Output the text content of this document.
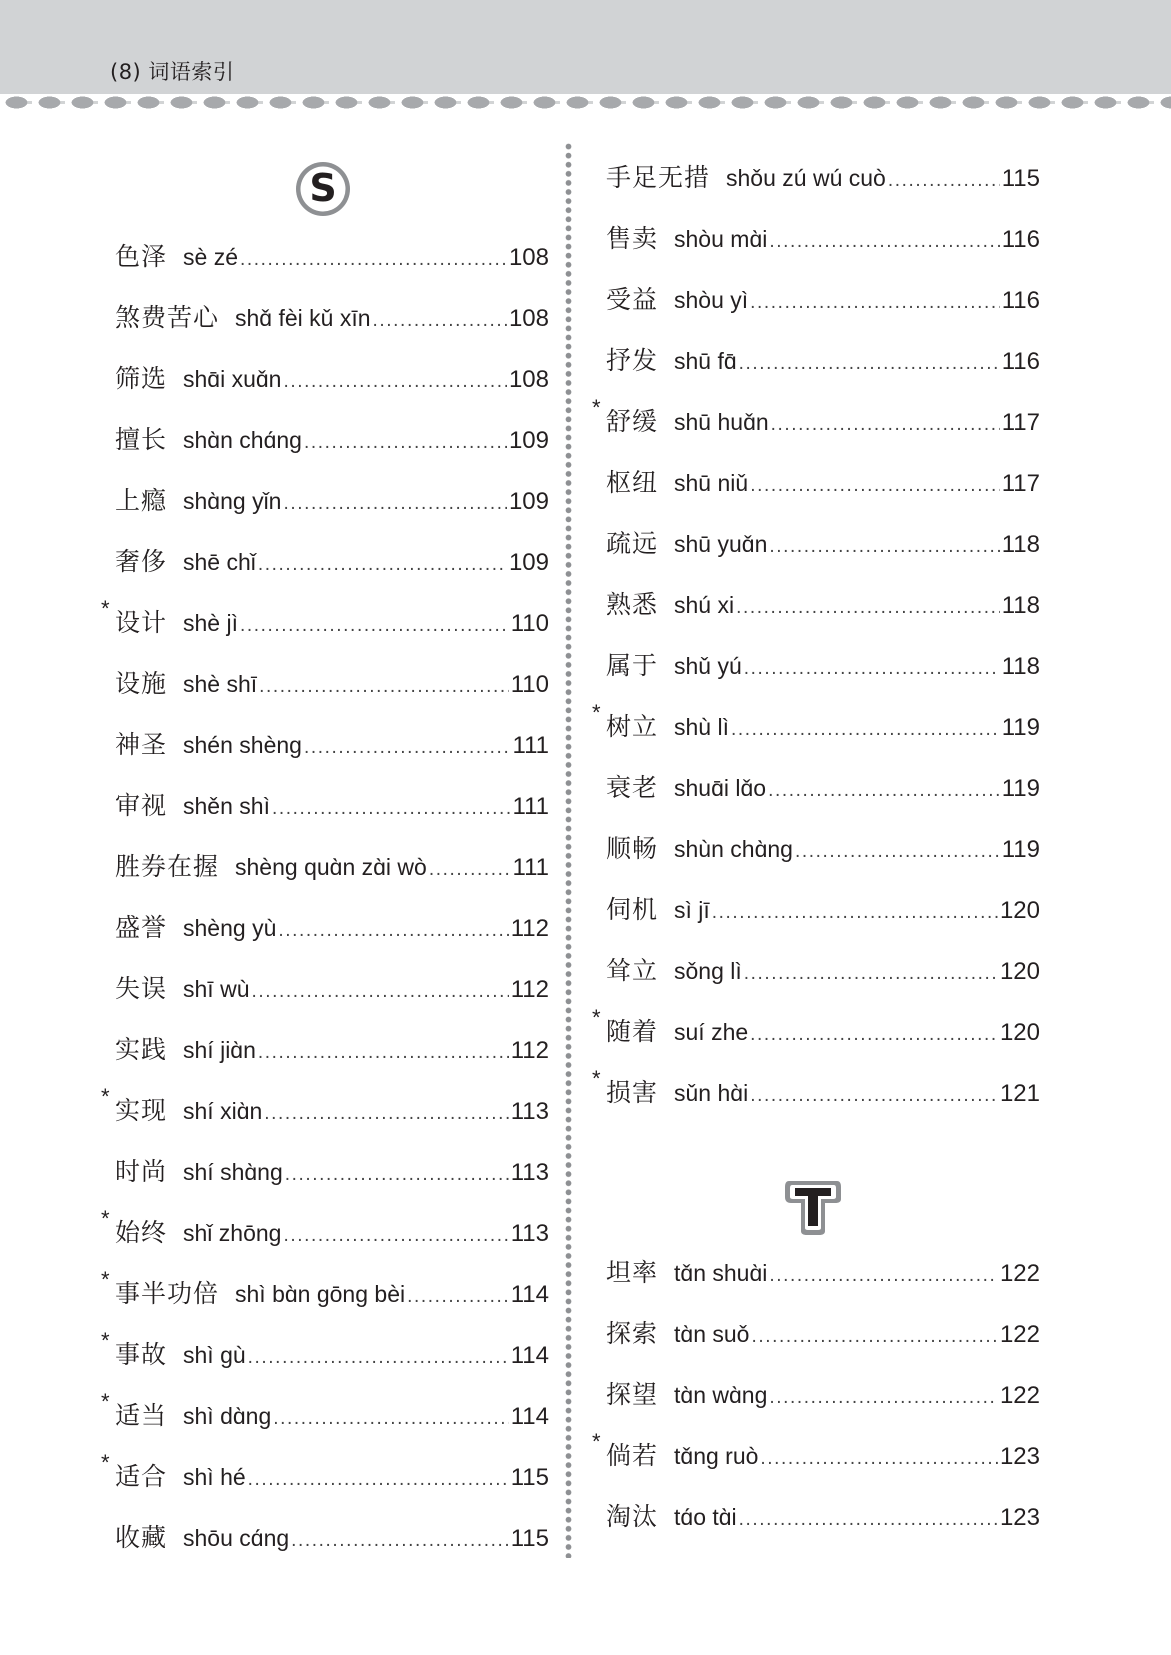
(8) 词语索引
S
色泽 sè zé .....	108
煞费苦心 shɑ̌ fèi kǔ xīn .....	108
筛选 shɑ̄i xuɑ̌n .....	108
擅长 shɑ̀n chɑ́ng .....	109
上瘾 shɑ̀ng yǐn .....	109
奢侈 shē chǐ .....	109
* 设计 shè jì .....	110
设施 shè shī .....	110
神圣 shén shèng .....	111
审视 shěn shì .....	111
胜券在握 shèng quɑ̀n zɑ̀i wò .....	111
盛誉 shèng yù .....	112
失误 shī wù .....	112
实践 shí jiɑ̀n .....	112
* 实现 shí xiɑ̀n .....	113
时尚 shí shɑ̀ng .....	113
* 始终 shǐ zhōng .....	113
* 事半功倍 shì bɑ̀n gōng bèi .....	114
* 事故 shì gù .....	114
* 适当 shì dɑ̀ng .....	114
* 适合 shì hé .....	115
收藏 shōu cɑ́ng .....	115
手足无措 shǒu zú wú cuò .....	115
售卖 shòu mɑ̀i .....	116
受益 shòu yì .....	116
抒发 shū fɑ̄ .....	116
* 舒缓 shū huɑ̌n .....	117
枢纽 shū niǔ .....	117
疏远 shū yuɑ̌n .....	118
熟悉 shú xi .....	118
属于 shǔ yú .....	118
* 树立 shù lì .....	119
衰老 shuɑ̄i lɑ̌o .....	119
顺畅 shùn chɑ̀ng .....	119
伺机 sì jī .....	120
耸立 sǒng lì .....	120
* 随着 suí zhe .....	120
* 损害 sǔn hɑ̀i .....	121
坦率 tɑ̌n shuɑ̀i .....	122
探索 tɑ̀n suǒ .....	122
探望 tɑ̀n wɑ̀ng .....	122
* 倘若 tɑ̌ng ruò .....	123
淘汰 tɑ́o tɑ̀i .....	123
